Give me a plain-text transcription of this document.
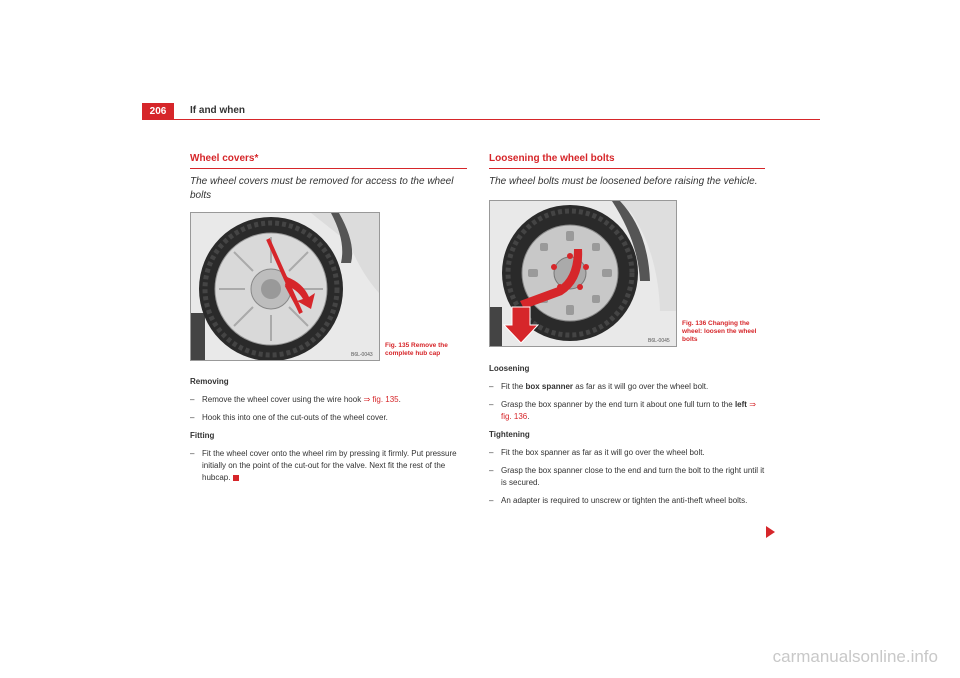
206	If and when
Wheel covers*
The wheel covers must be removed for access to the wheel bolts
B6L-0043
Fig. 135 Remove the
complete hub cap
Removing
– Remove the wheel cover using the wire hook ⇒ fig. 135.
– Hook this into one of the cut-outs of the wheel cover.
Fitting
– Fit the wheel cover onto the wheel rim by pressing it firmly. Put pressure initially on the point of the cut-out for the valve. Next fit the rest of the hubcap.
Loosening the wheel bolts
The wheel bolts must be loosened before raising the vehicle.
B6L-0045
Fig. 136 Changing the
wheel: loosen the wheel
bolts
Loosening
– Fit the box spanner as far as it will go over the wheel bolt.
– Grasp the box spanner by the end turn it about one full turn to the left ⇒ fig. 136.
Tightening
– Fit the box spanner as far as it will go over the wheel bolt.
– Grasp the box spanner close to the end and turn the bolt to the right until it is secured.
– An adapter is required to unscrew or tighten the anti-theft wheel bolts.
carmanualsonline.info
